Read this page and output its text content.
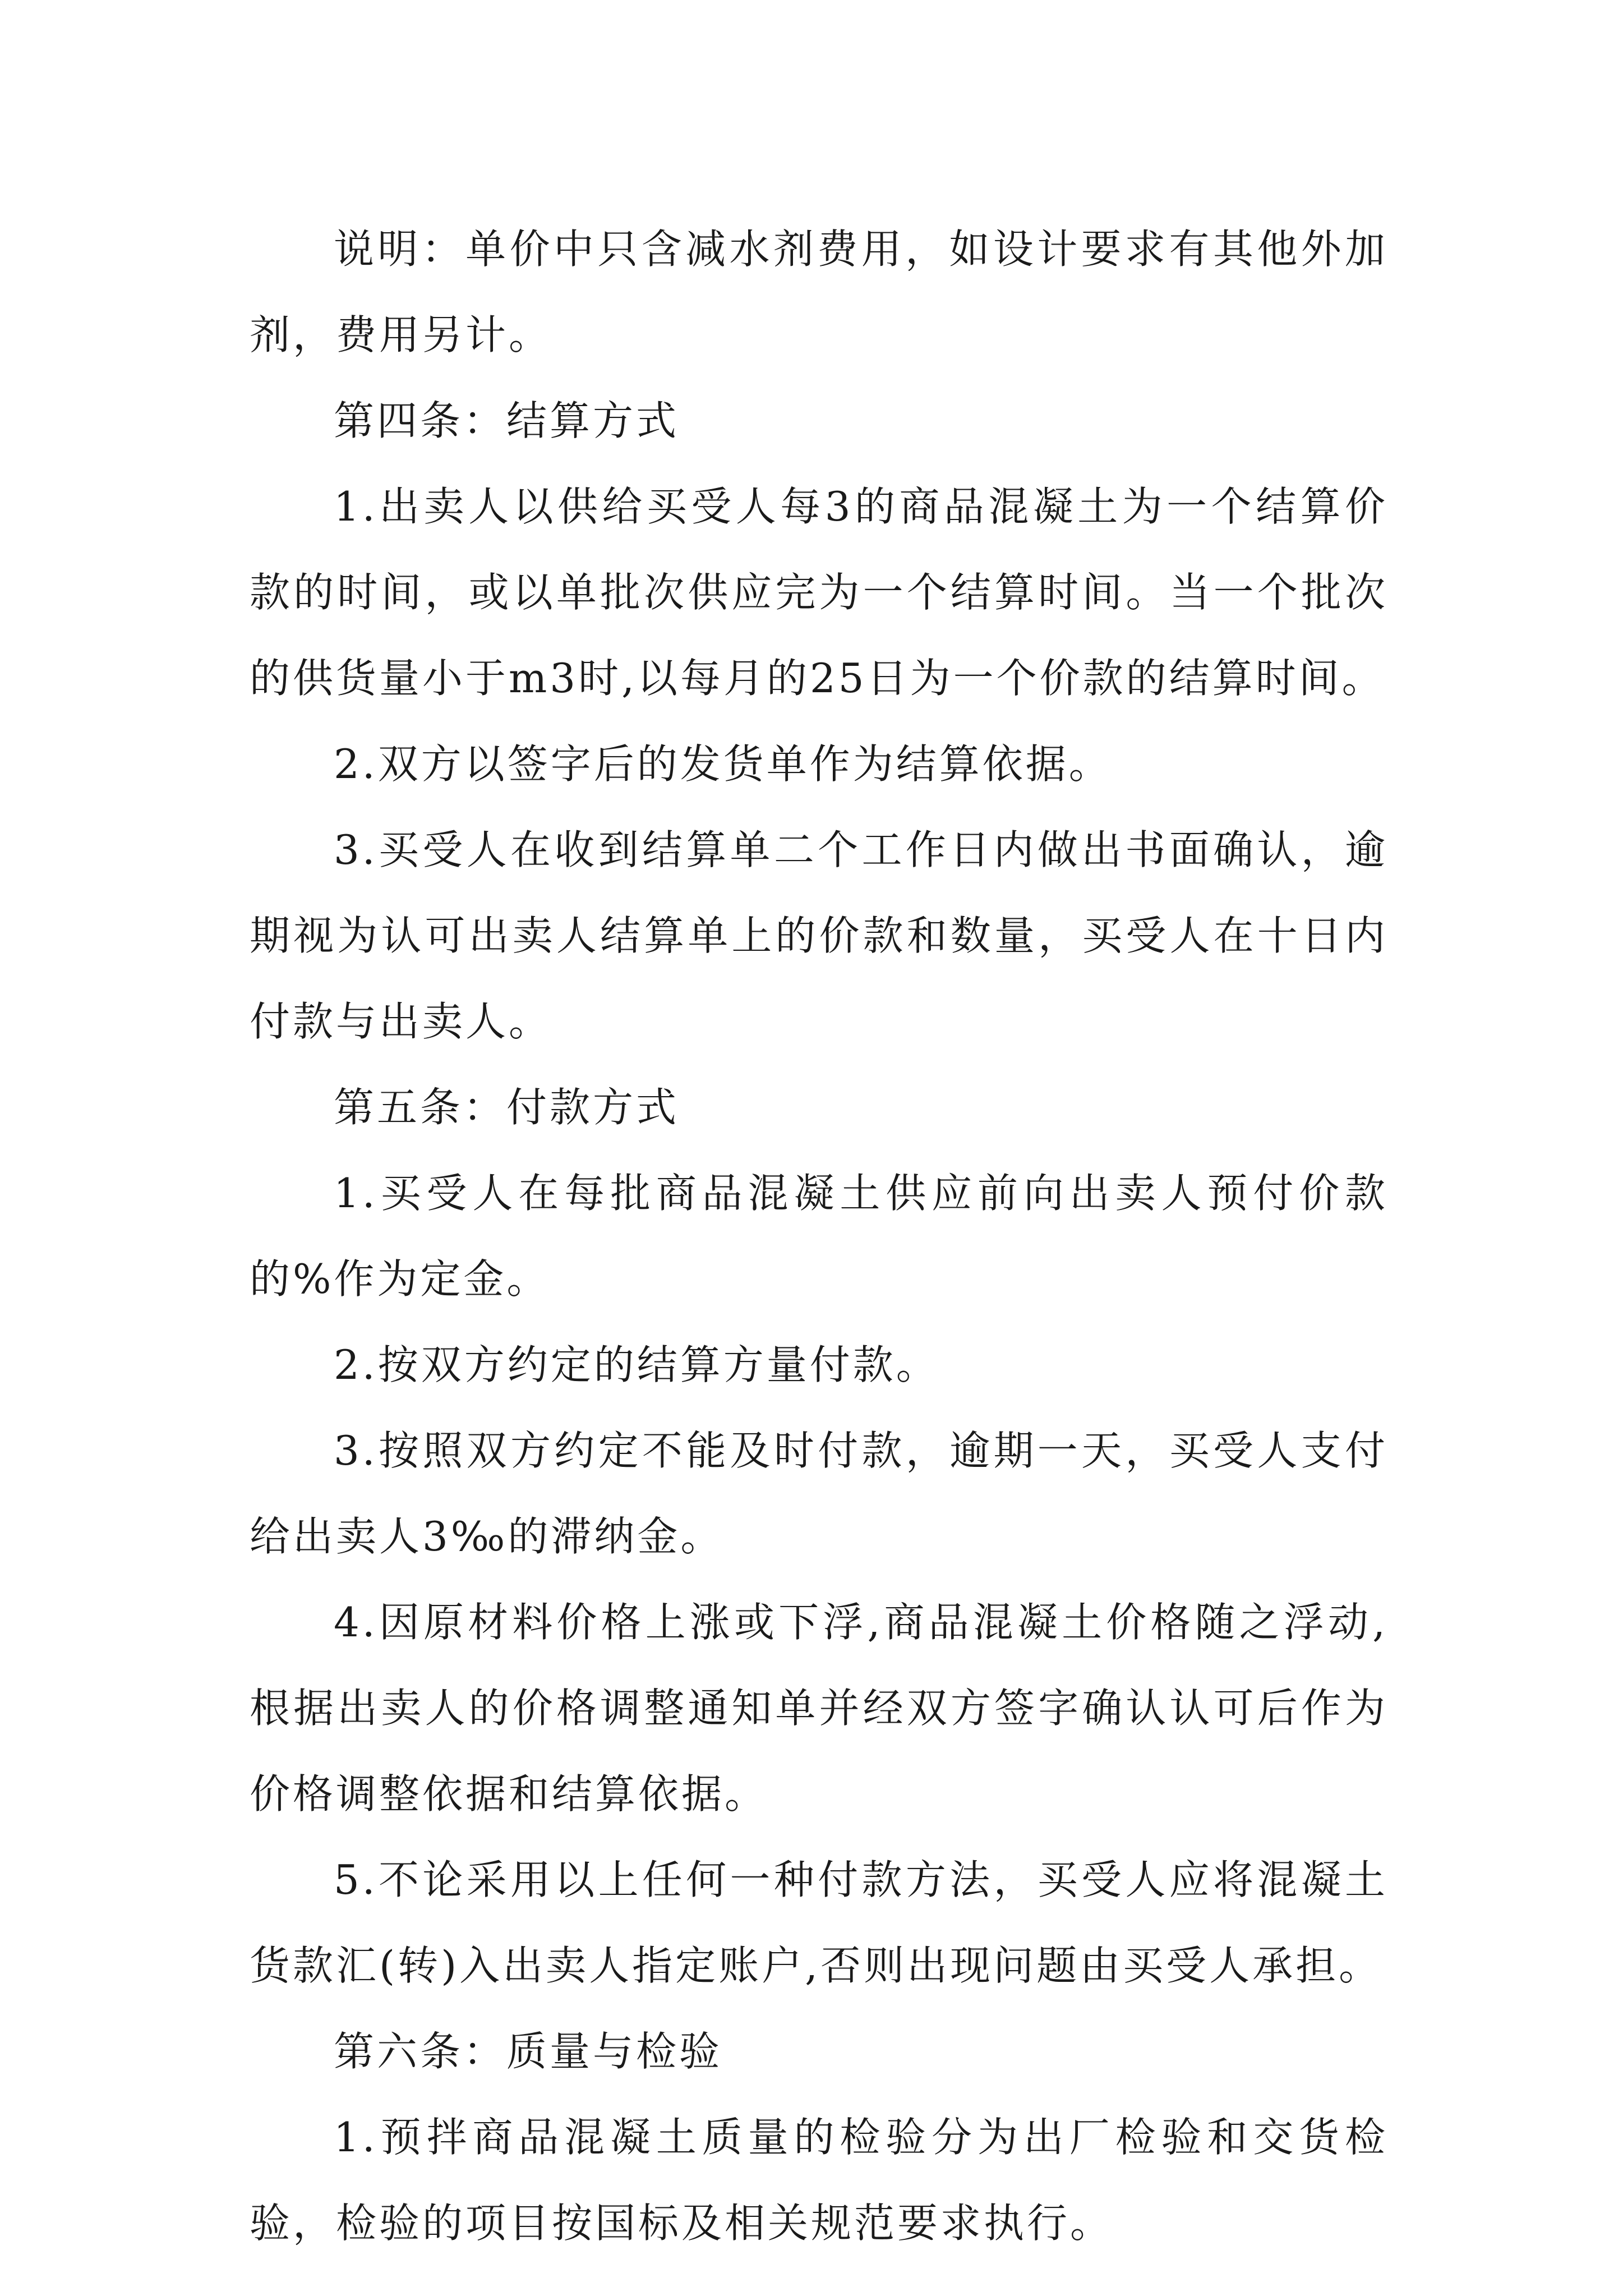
说明：单价中只含减水剂费用，如设计要求有其他外加剂，费用另计。

第四条：结算方式

1.出卖人以供给买受人每3的商品混凝土为一个结算价款的时间，或以单批次供应完为一个结算时间。当一个批次的供货量小于m3时,以每月的25日为一个价款的结算时间。

2.双方以签字后的发货单作为结算依据。

3.买受人在收到结算单二个工作日内做出书面确认，逾期视为认可出卖人结算单上的价款和数量，买受人在十日内付款与出卖人。

第五条：付款方式

1.买受人在每批商品混凝土供应前向出卖人预付价款的%作为定金。

2.按双方约定的结算方量付款。

3.按照双方约定不能及时付款，逾期一天，买受人支付给出卖人3‰的滞纳金。

4.因原材料价格上涨或下浮,商品混凝土价格随之浮动,根据出卖人的价格调整通知单并经双方签字确认认可后作为价格调整依据和结算依据。

5.不论采用以上任何一种付款方法，买受人应将混凝土货款汇(转)入出卖人指定账户,否则出现问题由买受人承担。

第六条：质量与检验

1.预拌商品混凝土质量的检验分为出厂检验和交货检验，检验的项目按国标及相关规范要求执行。
